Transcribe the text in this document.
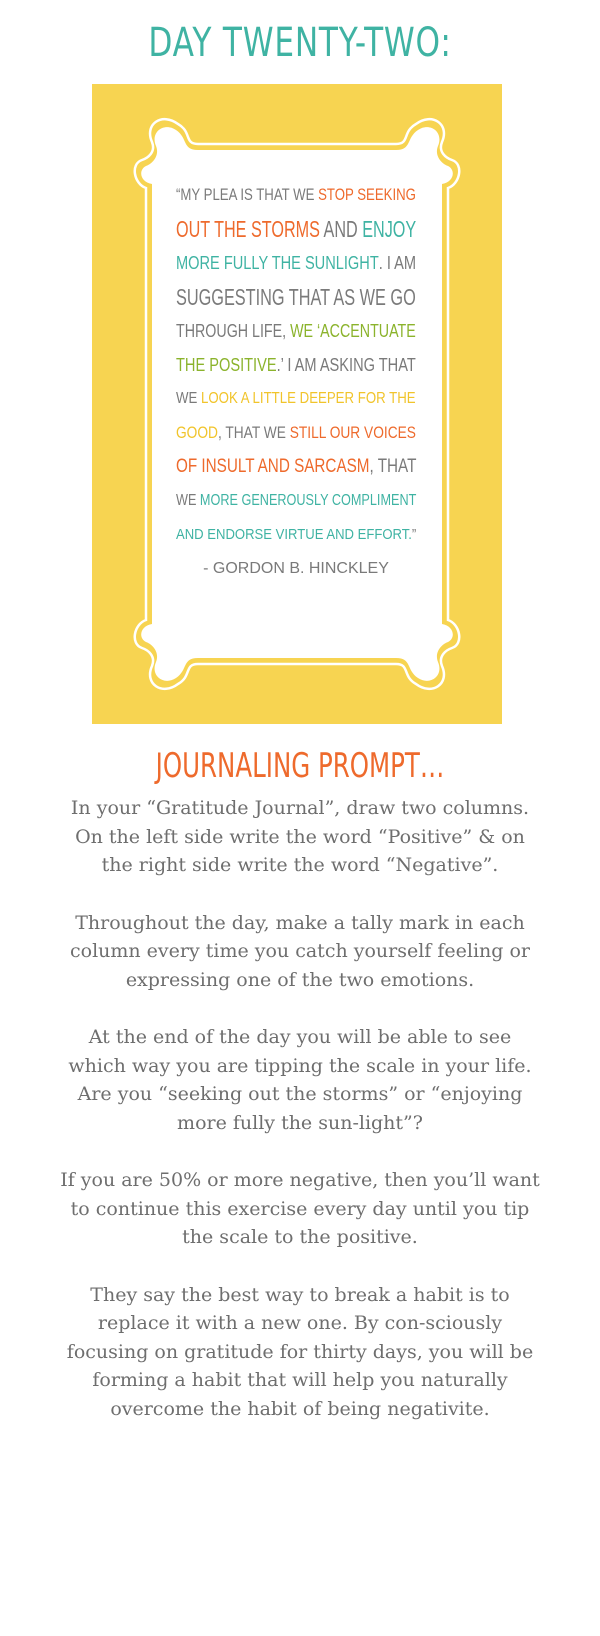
DAY TWENTY-TWO:
“MY PLEA IS THAT WE STOP SEEKING
OUT THE STORMS AND ENJOY
MORE FULLY THE SUNLIGHT. I AM
SUGGESTING THAT AS WE GO
THROUGH LIFE, WE ‘ACCENTUATE
THE POSITIVE.’ I AM ASKING THAT
WE LOOK A LITTLE DEEPER FOR THE
GOOD, THAT WE STILL OUR VOICES
OF INSULT AND SARCASM, THAT
WE MORE GENEROUSLY COMPLIMENT
AND ENDORSE VIRTUE AND EFFORT.”
- GORDON B. HINCKLEY
JOURNALING PROMPT…

In your “Gratitude Journal”, draw two columns. On the left side write the word “Positive” & on the right side write the word “Negative”.

Throughout the day, make a tally mark in each column every time you catch yourself feeling or expressing one of the two emotions.

At the end of the day you will be able to see which way you are tipping the scale in your life. Are you “seeking out the storms” or “enjoying more fully the sun-light”?

If you are 50% or more negative, then you’ll want to continue this exercise every day until you tip the scale to the positive.

They say the best way to break a habit is to replace it with a new one. By con-sciously focusing on gratitude for thirty days, you will be forming a habit that will help you naturally overcome the habit of being negativite.
